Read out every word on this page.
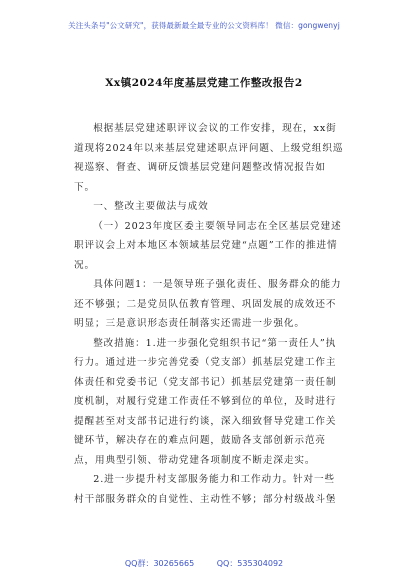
关注头条号"公文研究"，获得最新最全最专业的公文资料库！ 微信：gongwenyj
Xx镇2024年度基层党建工作整改报告2

根据基层党建述职评议会议的工作安排，现在，xx街道现将2024年以来基层党建述职点评问题、上级党组织巡视巡察、督查、调研反馈基层党建问题整改情况报告如下。

一、整改主要做法与成效

（一）2023年度区委主要领导同志在全区基层党建述职评议会上对本地区本领域基层党建“点题”工作的推进情况。

具体问题1：一是领导班子强化责任、服务群众的能力还不够强；二是党员队伍教育管理、巩固发展的成效还不明显；三是意识形态责任制落实还需进一步强化。

整改措施：1.进一步强化党组织书记“第一责任人”执行力。通过进一步完善党委（党支部）抓基层党建工作主体责任和党委书记（党支部书记）抓基层党建第一责任制度机制，对履行党建工作责任不够到位的单位，及时进行提醒甚至对支部书记进行约谈，深入细致督导党建工作关键环节，解决存在的难点问题，鼓励各支部创新示范亮点，用典型引领、带动党建各项制度不断走深走实。

2.进一步提升村支部服务能力和工作动力。针对一些村干部服务群众的自觉性、主动性不够；部分村级战斗堡

QQ群：30265665	QQ：535304092
